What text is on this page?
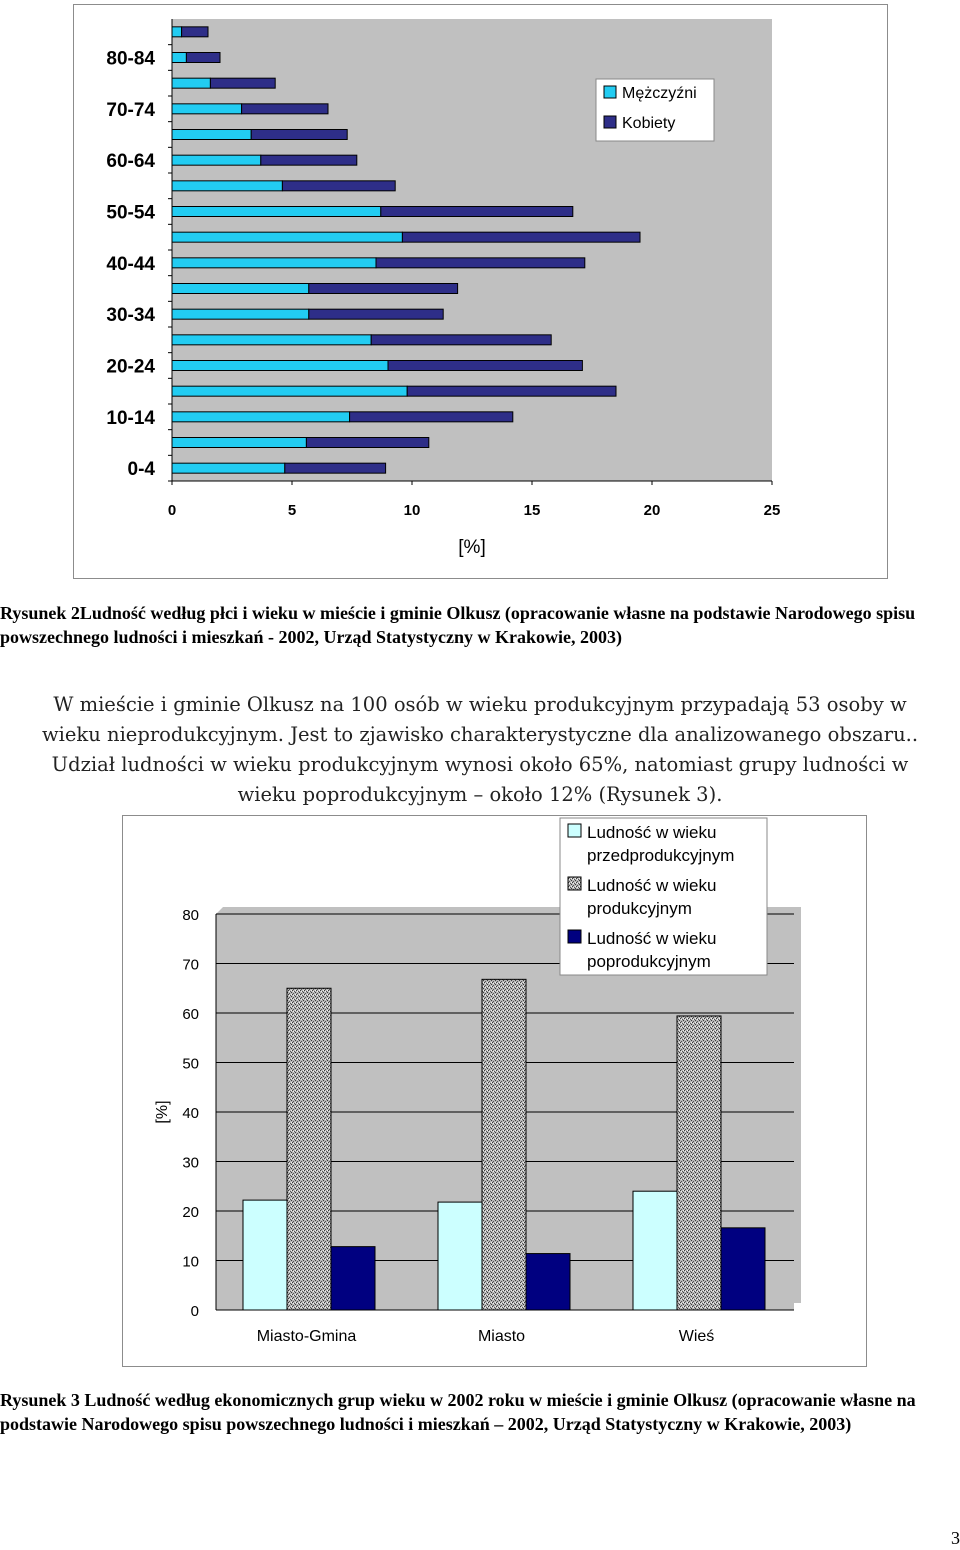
0-4
10-14
20-24
30-34
40-44
50-54
60-64
70-74
80-84
0	5	10	15	20	25
[%]
Mężczyźni
Kobiety
Rysunek 2Ludność według płci i wieku w mieście i gminie Olkusz (opracowanie własne na podstawie Narodowego spisu powszechnego ludności i mieszkań - 2002, Urząd Statystyczny w Krakowie, 2003)
W mieście i gminie Olkusz na 100 osób w wieku produkcyjnym przypadają 53 osoby w
wieku nieprodukcyjnym. Jest to zjawisko charakterystyczne dla analizowanego obszaru..
Udział ludności w wieku produkcyjnym wynosi około 65%, natomiast grupy ludności w
wieku poprodukcyjnym – około 12% (Rysunek 3).
0
10
20
30
40
50
60
70
80
Miasto-Gmina	Miasto	Wieś
[%]
Ludność w wieku
przedprodukcyjnym
Ludność w wieku
produkcyjnym
Ludność w wieku
poprodukcyjnym
Rysunek 3 Ludność według ekonomicznych grup wieku w 2002 roku w mieście i gminie Olkusz (opracowanie własne na podstawie Narodowego spisu powszechnego ludności i mieszkań – 2002, Urząd Statystyczny w Krakowie, 2003)
3
